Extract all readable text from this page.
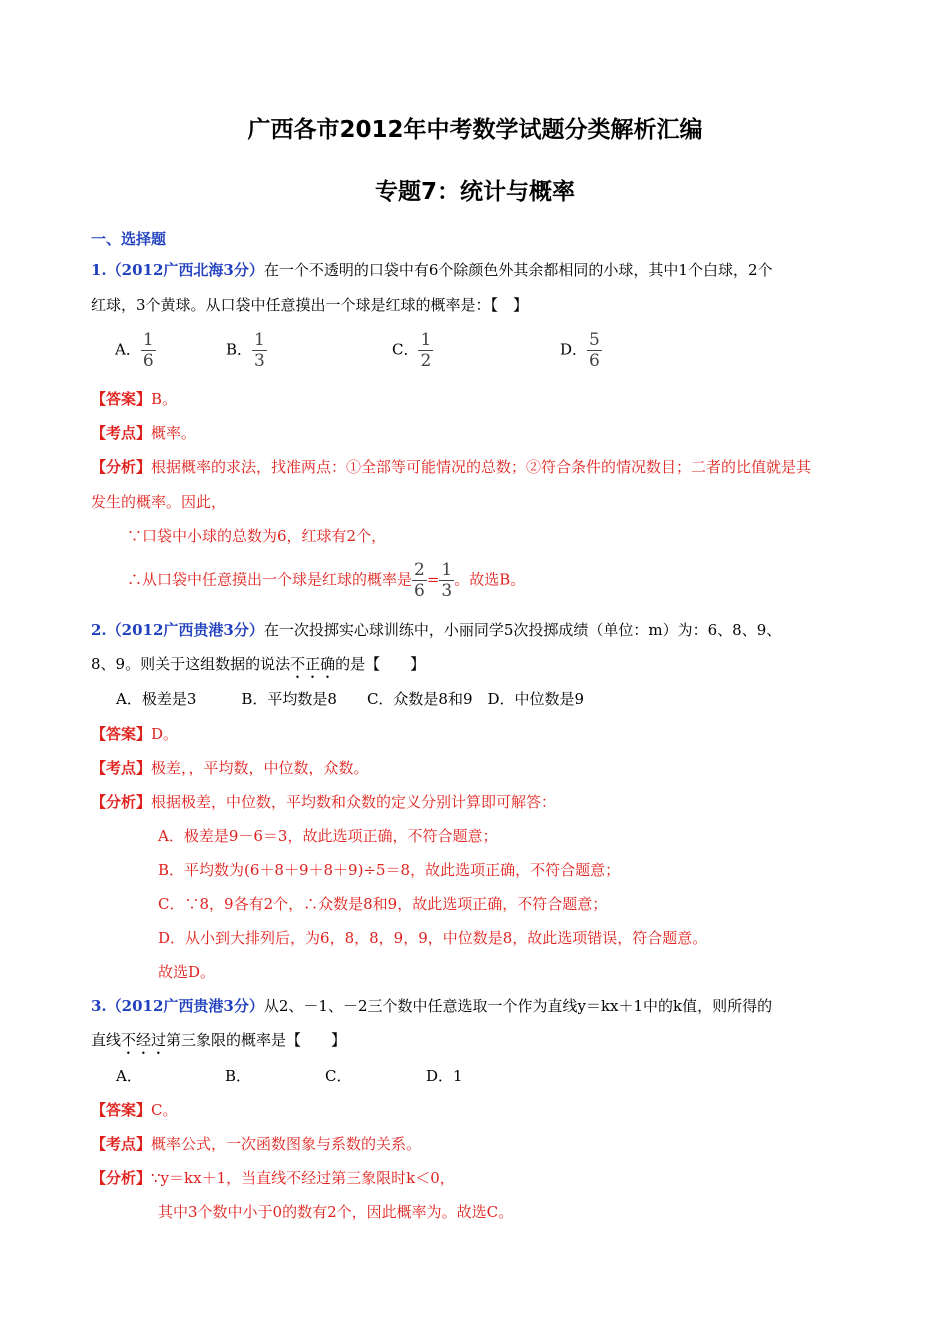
广西各市2012年中考数学试题分类解析汇编
专题7：统计与概率
一、选择题
1.（2012广西北海3分）在一个不透明的口袋中有6个除颜色外其余都相同的小球，其中1个白球，2个
红球，3个黄球。从口袋中任意摸出一个球是红球的概率是：【　】
A． $\frac{1}{6}$	B． $\frac{1}{3}$	C． $\frac{1}{2}$	D． $\frac{5}{6}$
【答案】B。
【考点】概率。
【分析】根据概率的求法，找准两点：①全部等可能情况的总数；②符合条件的情况数目；二者的比值就是其
发生的概率。因此，
∵口袋中小球的总数为6，红球有2个，
∴从口袋中任意摸出一个球是红球的概率是 $\frac{2}{6} = \frac{1}{3}$ 。故选B。
2.（2012广西贵港3分）在一次投掷实心球训练中，小丽同学5次投掷成绩（单位：m）为：6、8、9、
8、9。则关于这组数据的说法不正确的是【　　】
A．极差是3　　　B．平均数是8　　C．众数是8和9　D．中位数是9
【答案】D。
【考点】极差，，平均数，中位数，众数。
【分析】根据极差，中位数，平均数和众数的定义分别计算即可解答：
A．极差是9－6＝3，故此选项正确，不符合题意；
B．平均数为(6＋8＋9＋8＋9)÷5＝8，故此选项正确，不符合题意；
C．∵8，9各有2个，∴众数是8和9，故此选项正确，不符合题意；
D．从小到大排列后，为6，8，8，9，9，中位数是8，故此选项错误，符合题意。
故选D。
3.（2012广西贵港3分）从2、－1、－2三个数中任意选取一个作为直线y＝kx＋1中的k值，则所得的
直线不经过第三象限的概率是【　　】
A．	B．	C．	D．1
【答案】C。
【考点】概率公式，一次函数图象与系数的关系。
【分析】∵y＝kx＋1，当直线不经过第三象限时k＜0，
其中3个数中小于0的数有2个，因此概率为。故选C。
